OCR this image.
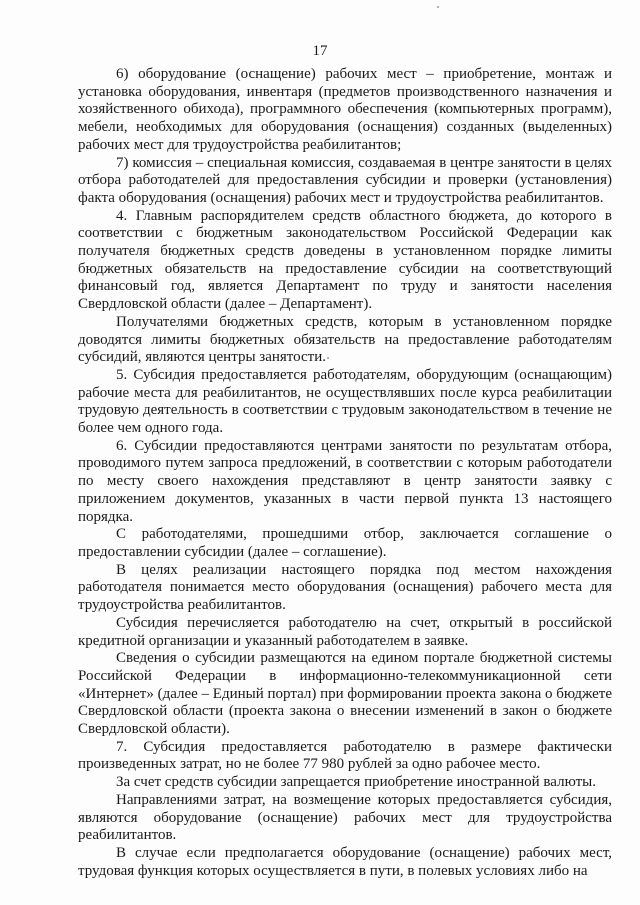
17

6) оборудование (оснащение) рабочих мест – приобретение, монтаж и установка оборудования, инвентаря (предметов производственного назначения и хозяйственного обихода), программного обеспечения (компьютерных программ), мебели, необходимых для оборудования (оснащения) созданных (выделенных) рабочих мест для трудоустройства реабилитантов;

7) комиссия – специальная комиссия, создаваемая в центре занятости в целях отбора работодателей для предоставления субсидии и проверки (установления) факта оборудования (оснащения) рабочих мест и трудоустройства реабилитантов.

4. Главным распорядителем средств областного бюджета, до которого в соответствии с бюджетным законодательством Российской Федерации как получателя бюджетных средств доведены в установленном порядке лимиты бюджетных обязательств на предоставление субсидии на соответствующий финансовый год, является Департамент по труду и занятости населения Свердловской области (далее – Департамент).

Получателями бюджетных средств, которым в установленном порядке доводятся лимиты бюджетных обязательств на предоставление работодателям субсидий, являются центры занятости.

5. Субсидия предоставляется работодателям, оборудующим (оснащающим) рабочие места для реабилитантов, не осуществлявших после курса реабилитации трудовую деятельность в соответствии с трудовым законодательством в течение не более чем одного года.

6. Субсидии предоставляются центрами занятости по результатам отбора, проводимого путем запроса предложений, в соответствии с которым работодатели по месту своего нахождения представляют в центр занятости заявку с приложением документов, указанных в части первой пункта 13 настоящего порядка.

С работодателями, прошедшими отбор, заключается соглашение о предоставлении субсидии (далее – соглашение).

В целях реализации настоящего порядка под местом нахождения работодателя понимается место оборудования (оснащения) рабочего места для трудоустройства реабилитантов.

Субсидия перечисляется работодателю на счет, открытый в российской кредитной организации и указанный работодателем в заявке.

Сведения о субсидии размещаются на едином портале бюджетной системы Российской Федерации в информационно-телекоммуникационной сети «Интернет» (далее – Единый портал) при формировании проекта закона о бюджете Свердловской области (проекта закона о внесении изменений в закон о бюджете Свердловской области).

7. Субсидия предоставляется работодателю в размере фактически произведенных затрат, но не более 77 980 рублей за одно рабочее место.

За счет средств субсидии запрещается приобретение иностранной валюты.

Направлениями затрат, на возмещение которых предоставляется субсидия, являются оборудование (оснащение) рабочих мест для трудоустройства реабилитантов.

В случае если предполагается оборудование (оснащение) рабочих мест, трудовая функция которых осуществляется в пути, в полевых условиях либо на
